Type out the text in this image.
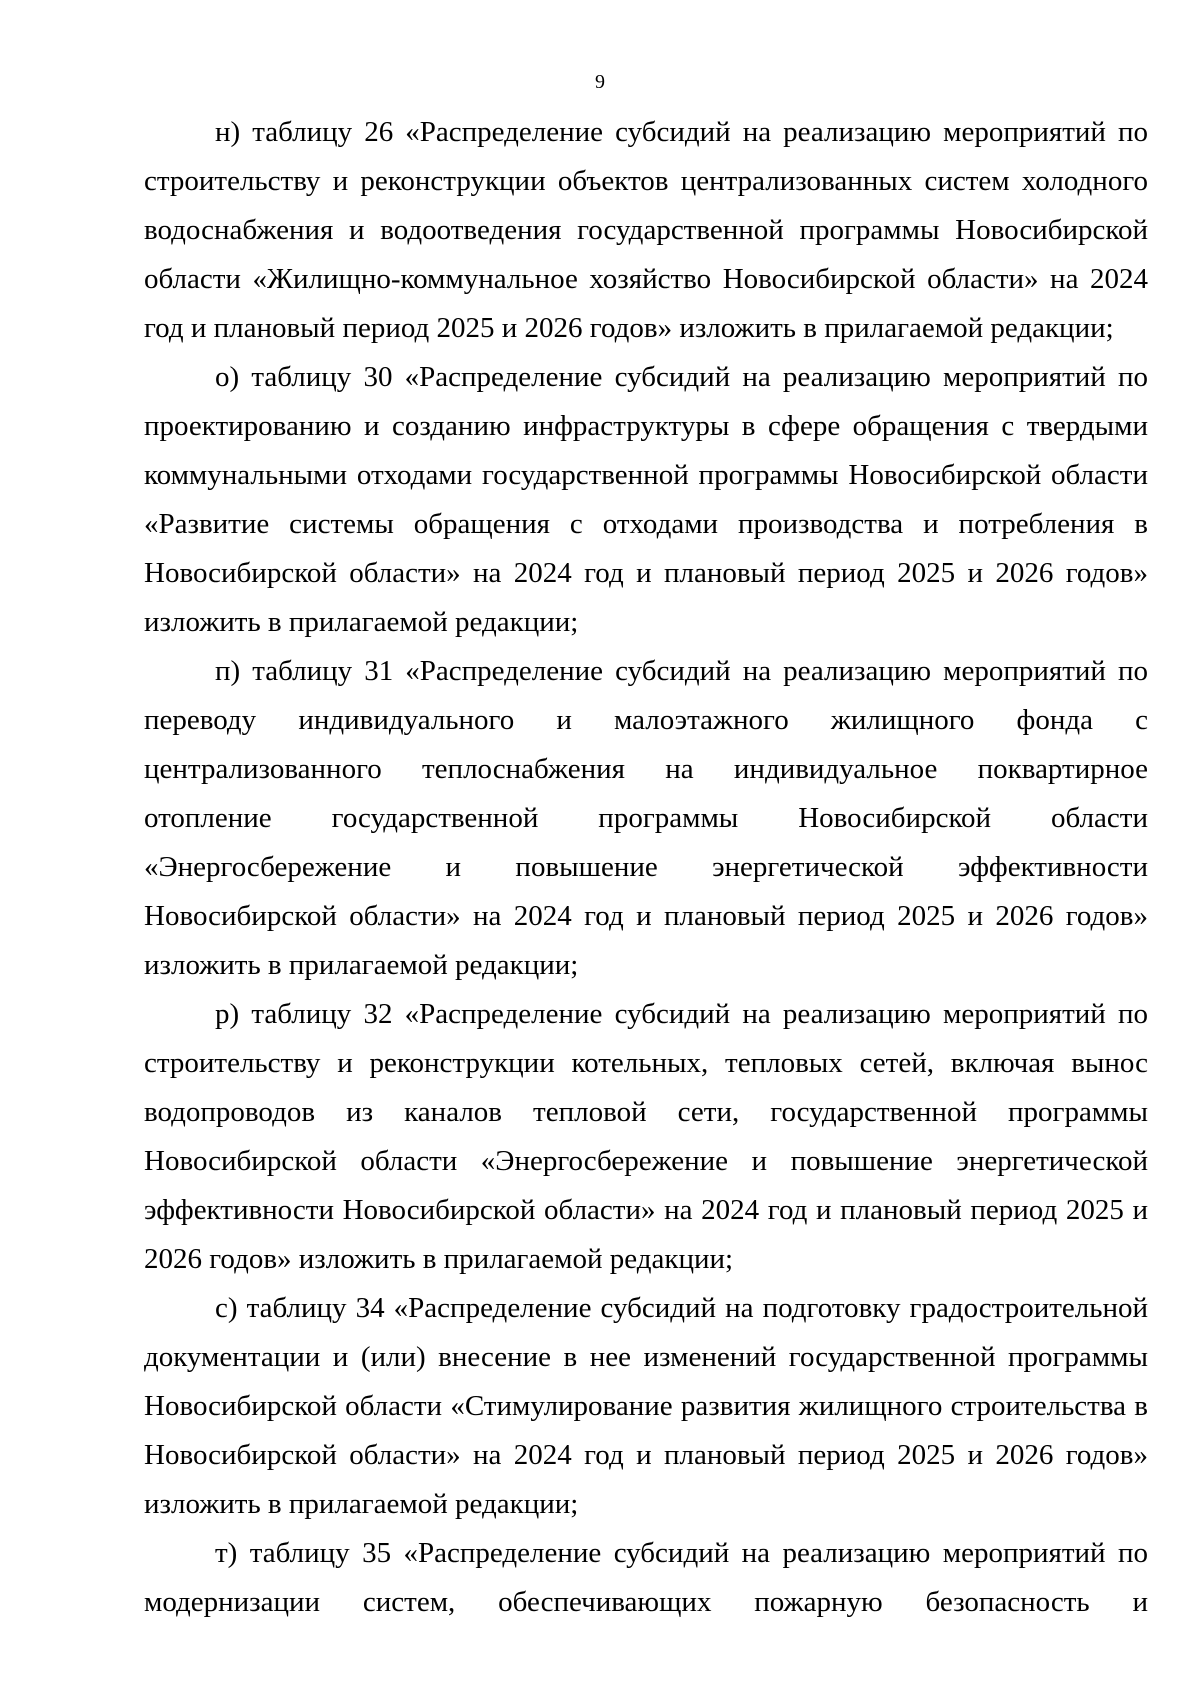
9

н) таблицу 26 «Распределение субсидий на реализацию мероприятий по строительству и реконструкции объектов централизованных систем холодного водоснабжения и водоотведения государственной программы Новосибирской области «Жилищно-коммунальное хозяйство Новосибирской области» на 2024 год и плановый период 2025 и 2026 годов» изложить в прилагаемой редакции;

о) таблицу 30 «Распределение субсидий на реализацию мероприятий по проектированию и созданию инфраструктуры в сфере обращения с твердыми коммунальными отходами государственной программы Новосибирской области «Развитие системы обращения с отходами производства и потребления в Новосибирской области» на 2024 год и плановый период 2025 и 2026 годов» изложить в прилагаемой редакции;

п) таблицу 31 «Распределение субсидий на реализацию мероприятий по переводу индивидуального и малоэтажного жилищного фонда с централизованного теплоснабжения на индивидуальное поквартирное отопление государственной программы Новосибирской области «Энергосбережение и повышение энергетической эффективности Новосибирской области» на 2024 год и плановый период 2025 и 2026 годов» изложить в прилагаемой редакции;

р) таблицу 32 «Распределение субсидий на реализацию мероприятий по строительству и реконструкции котельных, тепловых сетей, включая вынос водопроводов из каналов тепловой сети, государственной программы Новосибирской области «Энергосбережение и повышение энергетической эффективности Новосибирской области» на 2024 год и плановый период 2025 и 2026 годов» изложить в прилагаемой редакции;

с) таблицу 34 «Распределение субсидий на подготовку градостроительной документации и (или) внесение в нее изменений государственной программы Новосибирской области «Стимулирование развития жилищного строительства в Новосибирской области» на 2024 год и плановый период 2025 и 2026 годов» изложить в прилагаемой редакции;

т) таблицу 35 «Распределение субсидий на реализацию мероприятий по модернизации систем, обеспечивающих пожарную безопасность и
